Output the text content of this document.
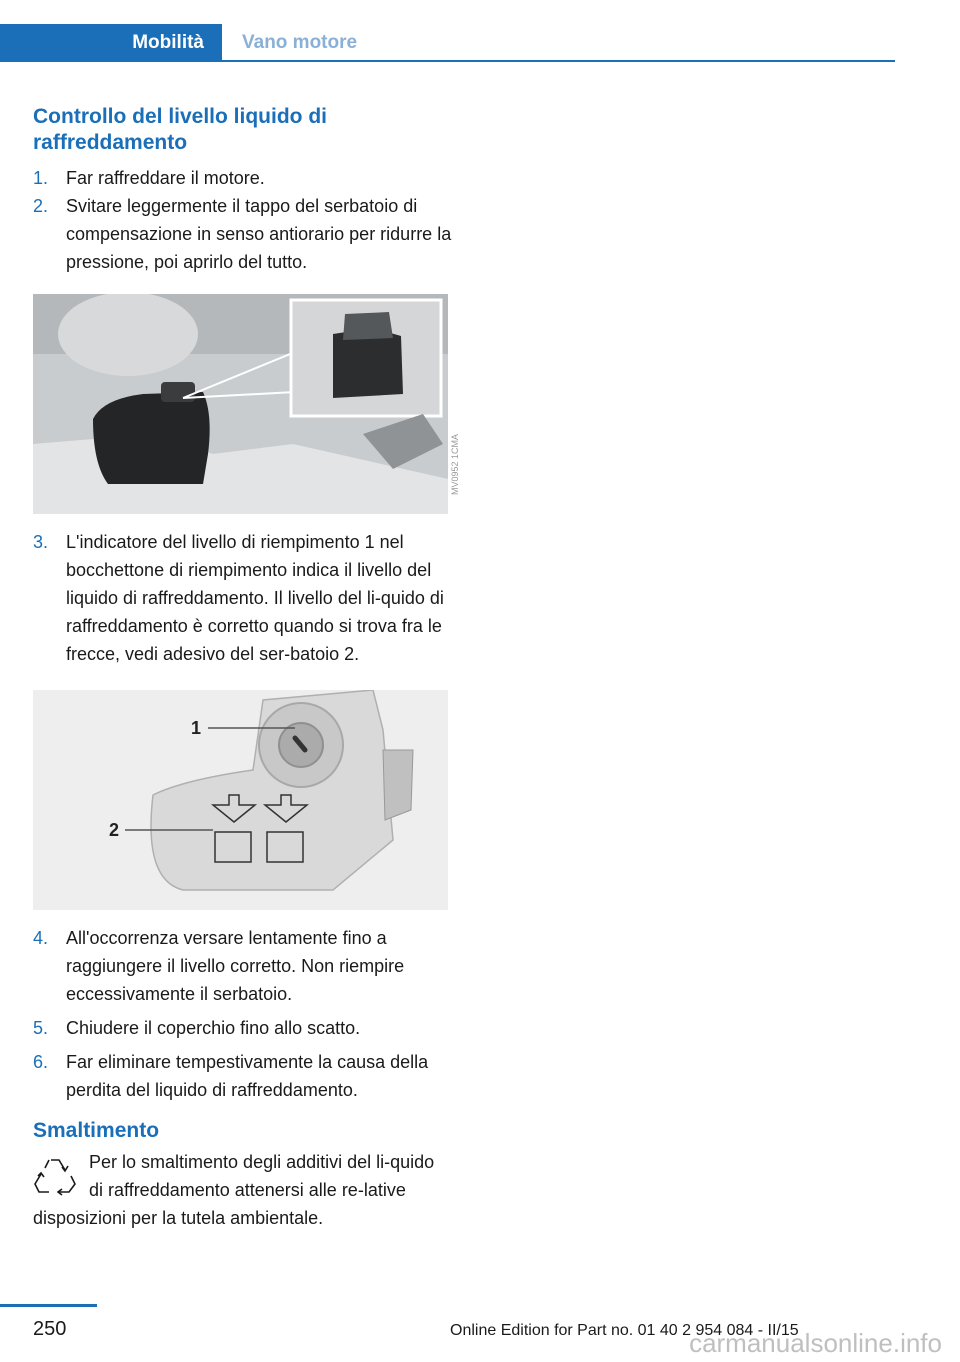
Mobilità	Vano motore
Controllo del livello liquido di raffreddamento
1. Far raffreddare il motore.
2. Svitare leggermente il tappo del serbatoio di compensazione in senso antiorario per ridurre la pressione, poi aprirlo del tutto.
MV0952 1CMA
3. L'indicatore del livello di riempimento 1 nel bocchettone di riempimento indica il livello del liquido di raffreddamento. Il livello del li‐quido di raffreddamento è corretto quando si trova fra le frecce, vedi adesivo del ser‐batoio 2.
1
2
4. All'occorrenza versare lentamente fino a raggiungere il livello corretto. Non riempire eccessivamente il serbatoio.
5. Chiudere il coperchio fino allo scatto.
6. Far eliminare tempestivamente la causa della perdita del liquido di raffreddamento.
Smaltimento
Per lo smaltimento degli additivi del li‐quido di raffreddamento attenersi alle re‐lative disposizioni per la tutela ambientale.
250	Online Edition for Part no. 01 40 2 954 084 - II/15
carmanualsonline.info
